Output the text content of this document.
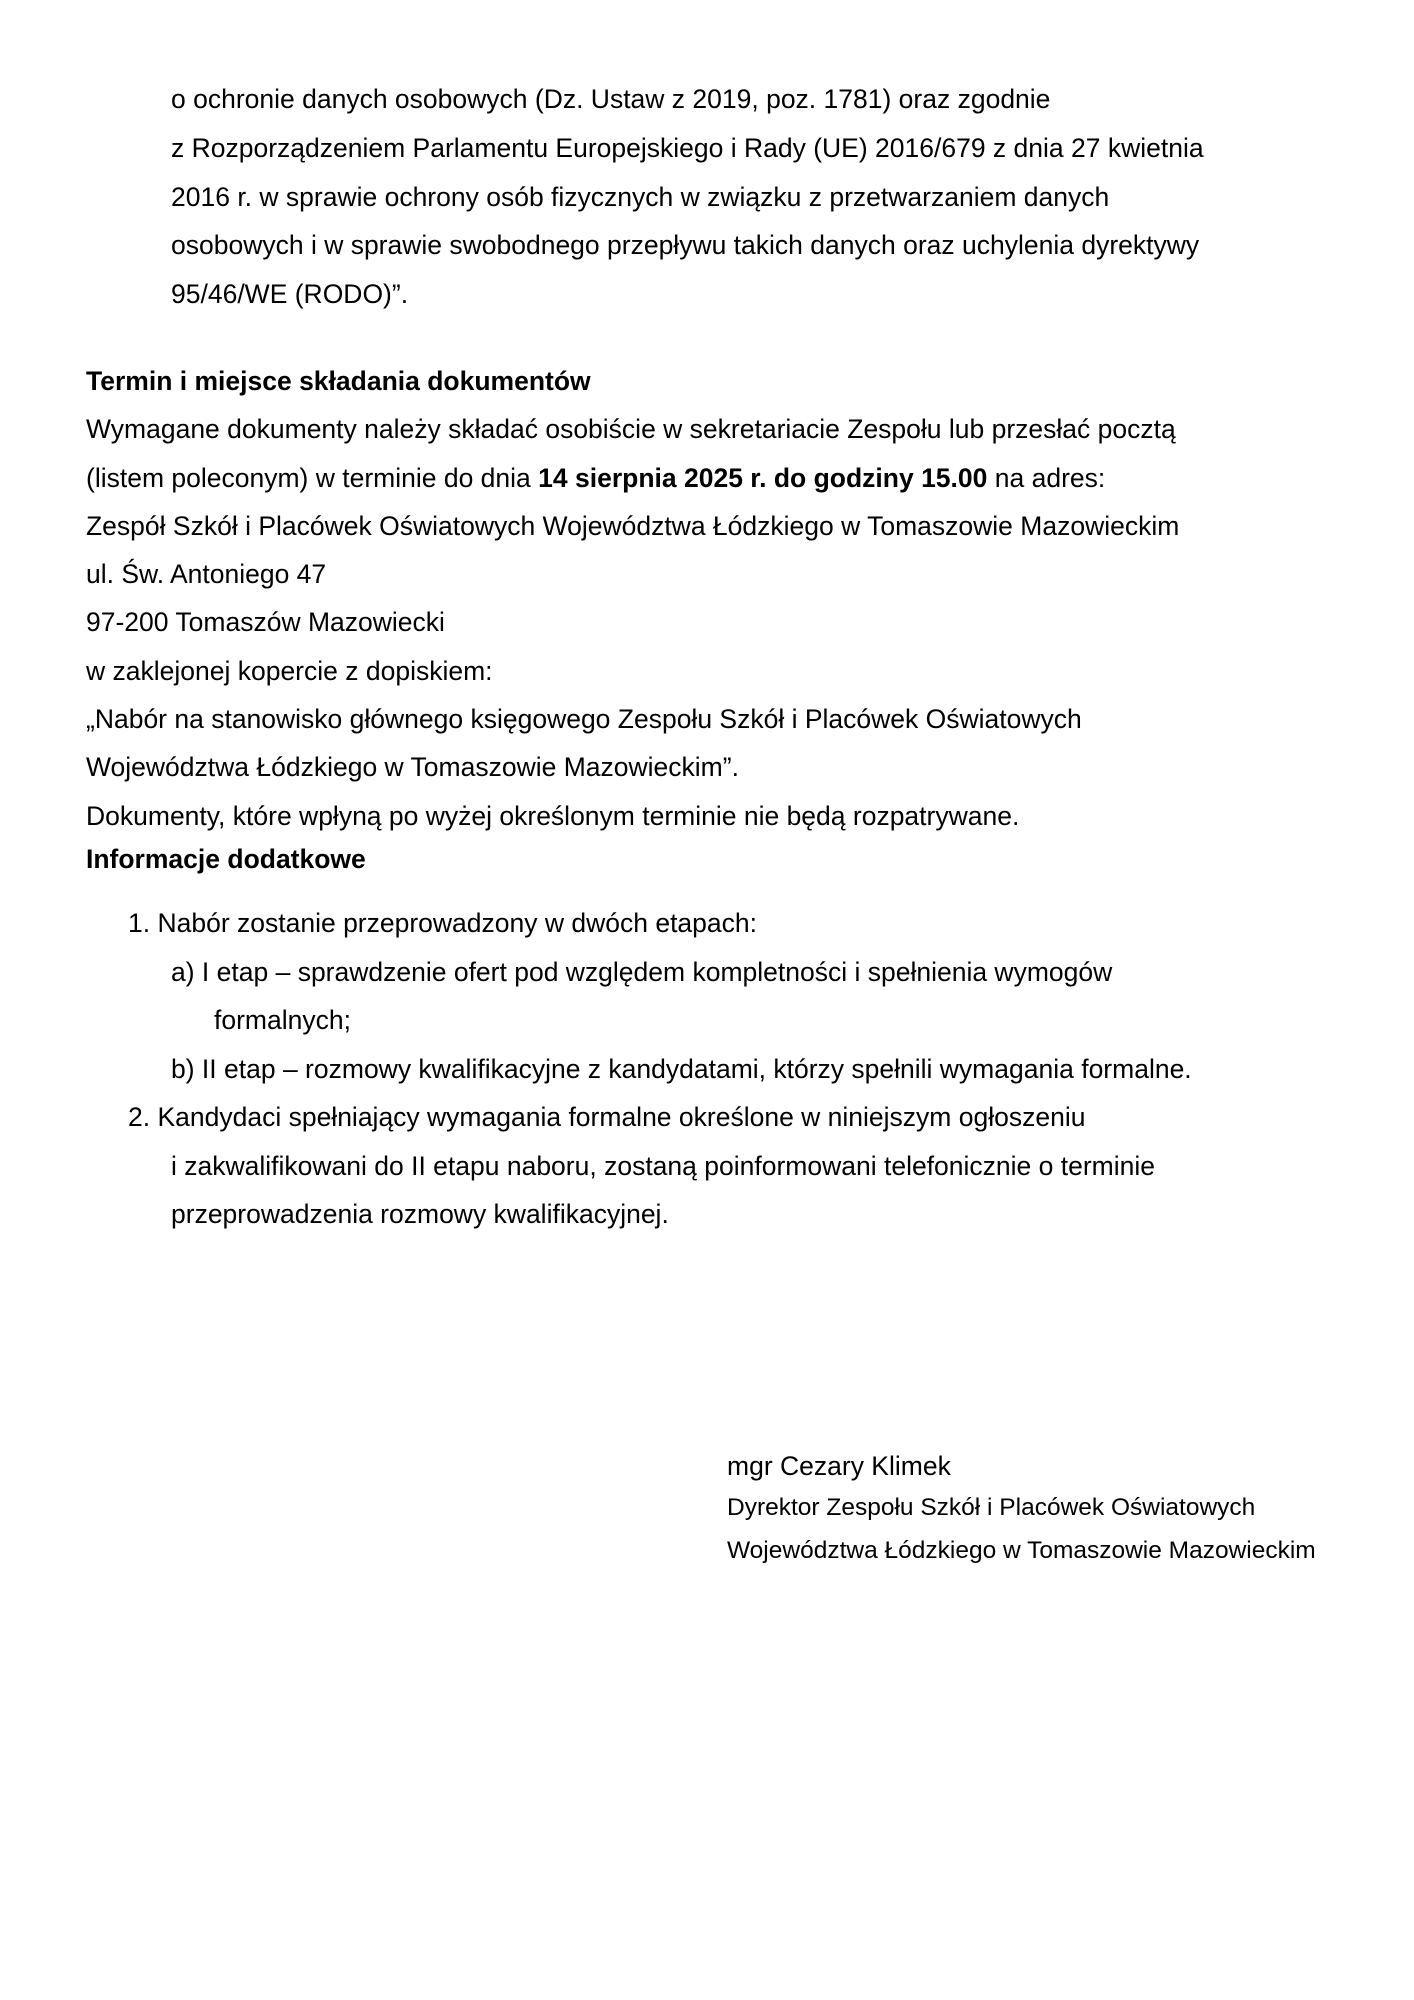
o ochronie danych osobowych (Dz. Ustaw z 2019, poz. 1781) oraz zgodnie
z Rozporządzeniem Parlamentu Europejskiego i Rady (UE) 2016/679 z dnia 27 kwietnia
2016 r. w sprawie ochrony osób fizycznych w związku z przetwarzaniem danych
osobowych i w sprawie swobodnego przepływu takich danych oraz uchylenia dyrektywy
95/46/WE (RODO)”.
Termin i miejsce składania dokumentów
Wymagane dokumenty należy składać osobiście w sekretariacie Zespołu lub przesłać pocztą
(listem poleconym) w terminie do dnia 14 sierpnia 2025 r. do godziny 15.00 na adres:
Zespół Szkół i Placówek Oświatowych Województwa Łódzkiego w Tomaszowie Mazowieckim
ul. Św. Antoniego 47
97-200 Tomaszów Mazowiecki
w zaklejonej kopercie z dopiskiem:
„Nabór na stanowisko głównego księgowego Zespołu Szkół i Placówek Oświatowych
Województwa Łódzkiego w Tomaszowie Mazowieckim”.
Dokumenty, które wpłyną po wyżej określonym terminie nie będą rozpatrywane.
Informacje dodatkowe
1. Nabór zostanie przeprowadzony w dwóch etapach:
a) I etap – sprawdzenie ofert pod względem kompletności i spełnienia wymogów
formalnych;
b) II etap – rozmowy kwalifikacyjne z kandydatami, którzy spełnili wymagania formalne.
2. Kandydaci spełniający wymagania formalne określone w niniejszym ogłoszeniu
i zakwalifikowani do II etapu naboru, zostaną poinformowani telefonicznie o terminie
przeprowadzenia rozmowy kwalifikacyjnej.
mgr Cezary Klimek
Dyrektor Zespołu Szkół i Placówek Oświatowych
Województwa Łódzkiego w Tomaszowie Mazowieckim
